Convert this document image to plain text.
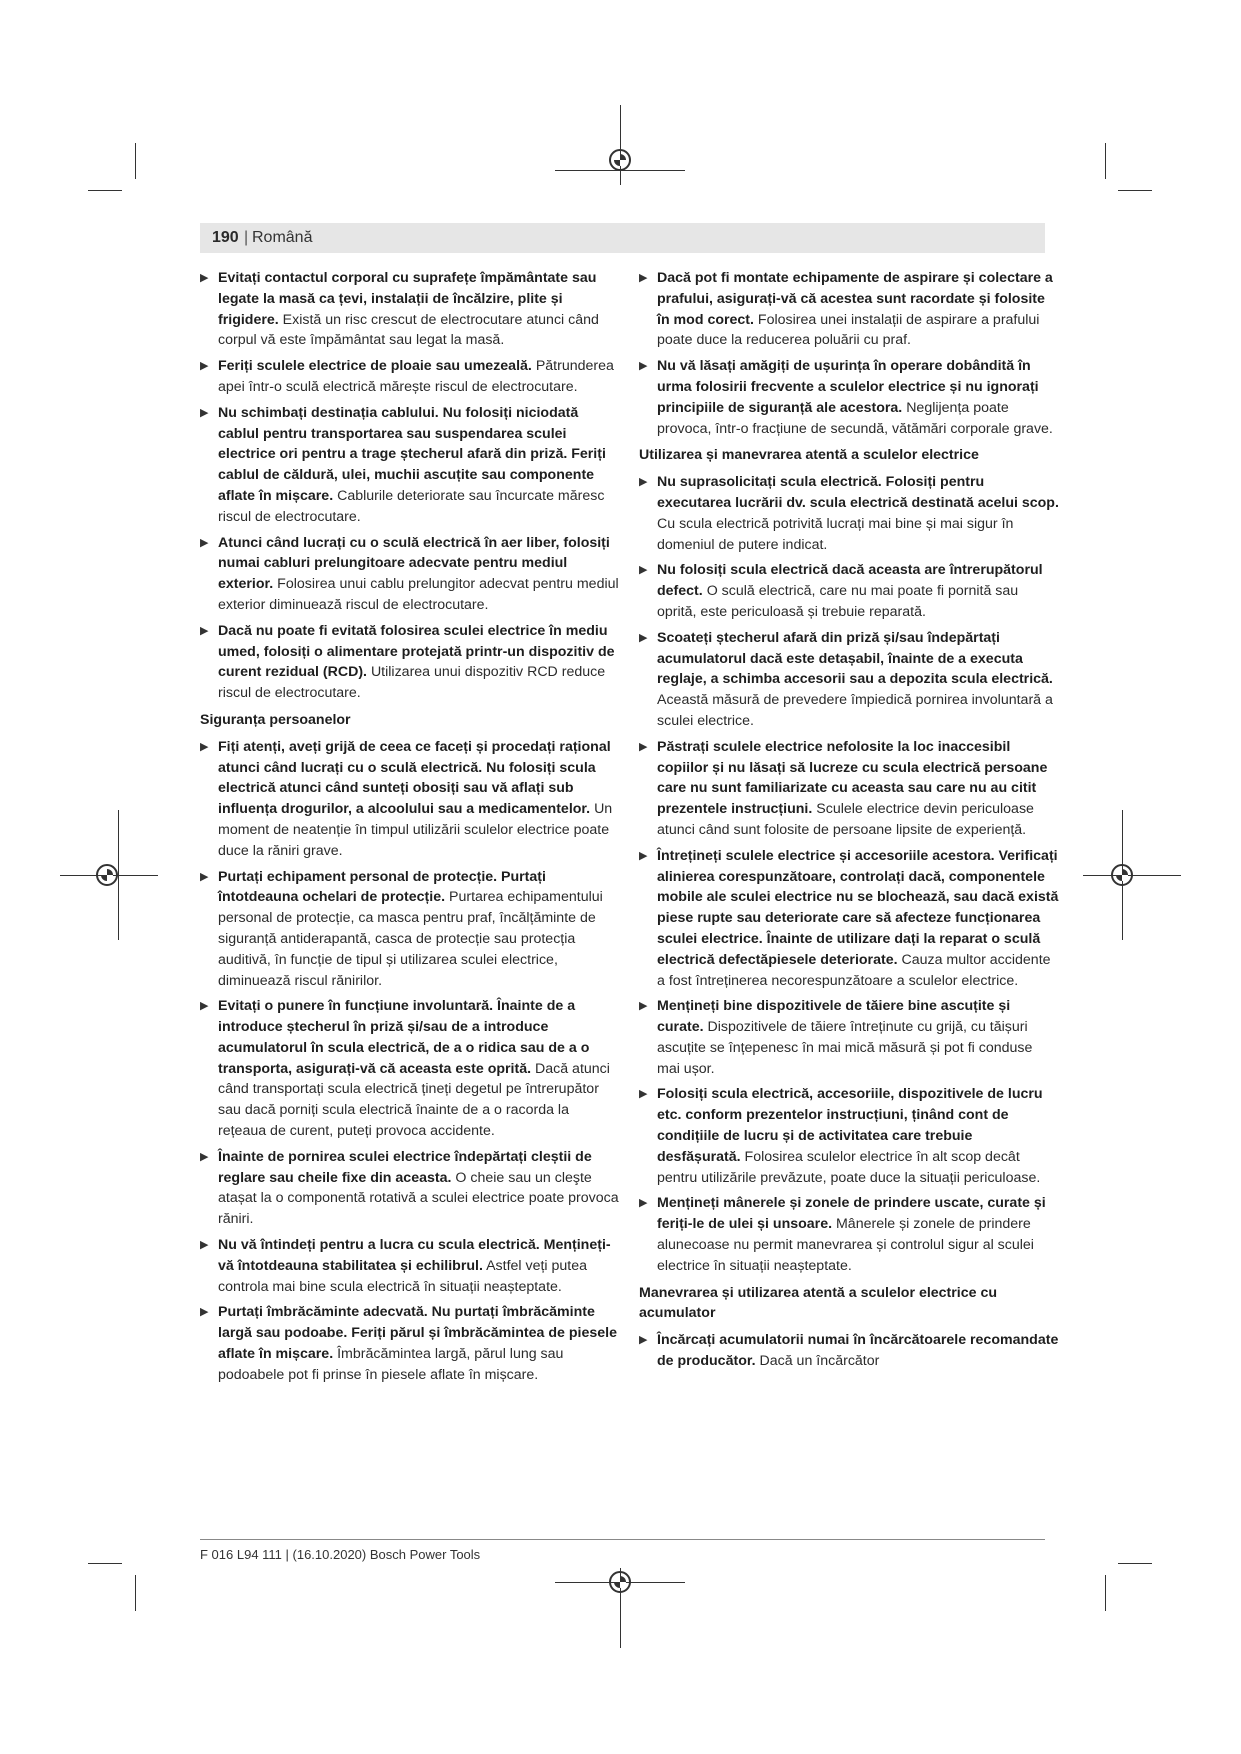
190 | Română
▶ Evitați contactul corporal cu suprafețe împământate sau legate la masă ca țevi, instalații de încălzire, plite și frigidere. Există un risc crescut de electrocutare atunci când corpul vă este împământat sau legat la masă.
▶ Feriți sculele electrice de ploaie sau umezeală. Pătrunderea apei într-o sculă electrică mărește riscul de electrocutare.
▶ Nu schimbați destinația cablului. Nu folosiți niciodată cablul pentru transportarea sau suspendarea sculei electrice ori pentru a trage ștecherul afară din priză. Feriți cablul de căldură, ulei, muchii ascuțite sau componente aflate în mișcare. Cablurile deteriorate sau încurcate măresc riscul de electrocutare.
▶ Atunci când lucrați cu o sculă electrică în aer liber, folosiți numai cabluri prelungitoare adecvate pentru mediul exterior. Folosirea unui cablu prelungitor adecvat pentru mediul exterior diminuează riscul de electrocutare.
▶ Dacă nu poate fi evitată folosirea sculei electrice în mediu umed, folosiți o alimentare protejată printr-un dispozitiv de curent rezidual (RCD). Utilizarea unui dispozitiv RCD reduce riscul de electrocutare.
Siguranța persoanelor
▶ Fiți atenți, aveți grijă de ceea ce faceți și procedați rațional atunci când lucrați cu o sculă electrică. Nu folosiți scula electrică atunci când sunteți obosiți sau vă aflați sub influența drogurilor, a alcoolului sau a medicamentelor. Un moment de neatenție în timpul utilizării sculelor electrice poate duce la răniri grave.
▶ Purtați echipament personal de protecție. Purtați întotdeauna ochelari de protecție. Purtarea echipamentului personal de protecție, ca masca pentru praf, încălțăminte de siguranță antiderapantă, casca de protecție sau protecția auditivă, în funcție de tipul și utilizarea sculei electrice, diminuează riscul rănirilor.
▶ Evitați o punere în funcțiune involuntară. Înainte de a introduce ștecherul în priză și/sau de a introduce acumulatorul în scula electrică, de a o ridica sau de a o transporta, asigurați-vă că aceasta este oprită. Dacă atunci când transportați scula electrică țineți degetul pe întrerupător sau dacă porniți scula electrică înainte de a o racorda la rețeaua de curent, puteți provoca accidente.
▶ Înainte de pornirea sculei electrice îndepărtați cleștii de reglare sau cheile fixe din aceasta. O cheie sau un cleşte atașat la o componentă rotativă a sculei electrice poate provoca răniri.
▶ Nu vă întindeți pentru a lucra cu scula electrică. Mențineți-vă întotdeauna stabilitatea și echilibrul. Astfel veți putea controla mai bine scula electrică în situații neașteptate.
▶ Purtați îmbrăcăminte adecvată. Nu purtați îmbrăcăminte largă sau podoabe. Feriți părul și îmbrăcămintea de piesele aflate în mișcare. Îmbrăcămintea largă, părul lung sau podoabele pot fi prinse în piesele aflate în mișcare.
▶ Dacă pot fi montate echipamente de aspirare și colectare a prafului, asigurați-vă că acestea sunt racordate și folosite în mod corect. Folosirea unei instalații de aspirare a prafului poate duce la reducerea poluării cu praf.
▶ Nu vă lăsați amăgiți de ușurința în operare dobândită în urma folosirii frecvente a sculelor electrice și nu ignorați principiile de siguranță ale acestora. Neglijența poate provoca, într-o fracțiune de secundă, vătămări corporale grave.
Utilizarea și manevrarea atentă a sculelor electrice
▶ Nu suprasolicitați scula electrică. Folosiți pentru executarea lucrării dv. scula electrică destinată acelui scop. Cu scula electrică potrivită lucrați mai bine și mai sigur în domeniul de putere indicat.
▶ Nu folosiți scula electrică dacă aceasta are întrerupătorul defect. O sculă electrică, care nu mai poate fi pornită sau oprită, este periculoasă și trebuie reparată.
▶ Scoateți ștecherul afară din priză și/sau îndepărtați acumulatorul dacă este detașabil, înainte de a executa reglaje, a schimba accesorii sau a depozita scula electrică. Această măsură de prevedere împiedică pornirea involuntară a sculei electrice.
▶ Păstrați sculele electrice nefolosite la loc inaccesibil copiilor și nu lăsați să lucreze cu scula electrică persoane care nu sunt familiarizate cu aceasta sau care nu au citit prezentele instrucțiuni. Sculele electrice devin periculoase atunci când sunt folosite de persoane lipsite de experiență.
▶ Întrețineți sculele electrice și accesoriile acestora. Verificați alinierea corespunzătoare, controlați dacă, componentele mobile ale sculei electrice nu se blochează, sau dacă există piese rupte sau deteriorate care să afecteze funcționarea sculei electrice. Înainte de utilizare dați la reparat o sculă electrică defectăpiesele deteriorate. Cauza multor accidente a fost întreținerea necorespunzătoare a sculelor electrice.
▶ Mențineți bine dispozitivele de tăiere bine ascuțite și curate. Dispozitivele de tăiere întreținute cu grijă, cu tăișuri ascuțite se înțepenesc în mai mică măsură și pot fi conduse mai ușor.
▶ Folosiți scula electrică, accesoriile, dispozitivele de lucru etc. conform prezentelor instrucțiuni, ținând cont de condițiile de lucru și de activitatea care trebuie desfășurată. Folosirea sculelor electrice în alt scop decât pentru utilizările prevăzute, poate duce la situații periculoase.
▶ Mențineți mânerele și zonele de prindere uscate, curate și feriți-le de ulei și unsoare. Mânerele și zonele de prindere alunecoase nu permit manevrarea și controlul sigur al sculei electrice în situații neașteptate.
Manevrarea și utilizarea atentă a sculelor electrice cu acumulator
▶ Încărcați acumulatorii numai în încărcătoarele recomandate de producător. Dacă un încărcător
F 016 L94 111 | (16.10.2020) Bosch Power Tools
